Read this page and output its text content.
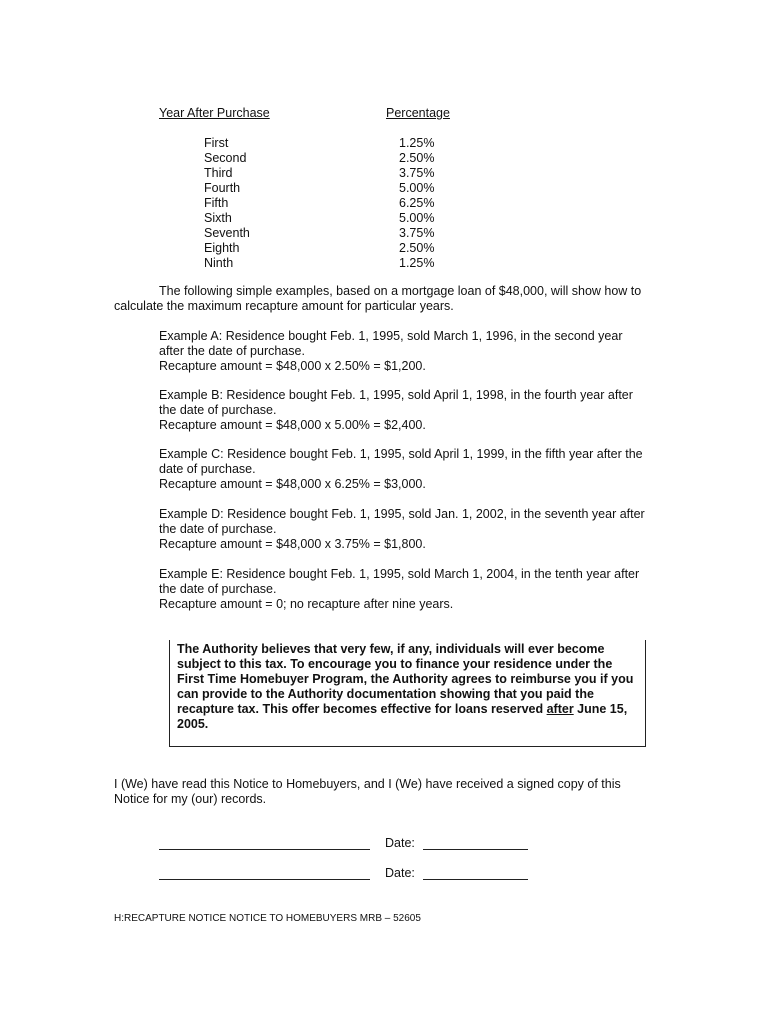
Year After Purchase	Percentage
First
Second
Third
Fourth
Fifth
Sixth
Seventh
Eighth
Ninth
1.25%
2.50%
3.75%
5.00%
6.25%
5.00%
3.75%
2.50%
1.25%
The following simple examples, based on a mortgage loan of $48,000, will show how to
calculate the maximum recapture amount for particular years.
Example A: Residence bought Feb. 1, 1995, sold March 1, 1996, in the second year
after the date of purchase.
Recapture amount = $48,000 x 2.50% = $1,200.
Example B: Residence bought Feb. 1, 1995, sold April 1, 1998, in the fourth year after
the date of purchase.
Recapture amount = $48,000 x 5.00% = $2,400.
Example C: Residence bought Feb. 1, 1995, sold April 1, 1999, in the fifth year after the
date of purchase.
Recapture amount = $48,000 x 6.25% = $3,000.
Example D: Residence bought Feb. 1, 1995, sold Jan. 1, 2002, in the seventh year after
the date of purchase.
Recapture amount = $48,000 x 3.75% = $1,800.
Example E: Residence bought Feb. 1, 1995, sold March 1, 2004, in the tenth year after
the date of purchase.
Recapture amount = 0; no recapture after nine years.
The Authority believes that very few, if any, individuals will ever become
subject to this tax. To encourage you to finance your residence under the
First Time Homebuyer Program, the Authority agrees to reimburse you if you
can provide to the Authority documentation showing that you paid the
recapture tax. This offer becomes effective for loans reserved after June 15,
2005.
I (We) have read this Notice to Homebuyers, and I (We) have received a signed copy of this
Notice for my (our) records.
Date:
Date:
H:RECAPTURE NOTICE NOTICE TO HOMEBUYERS MRB – 52605
